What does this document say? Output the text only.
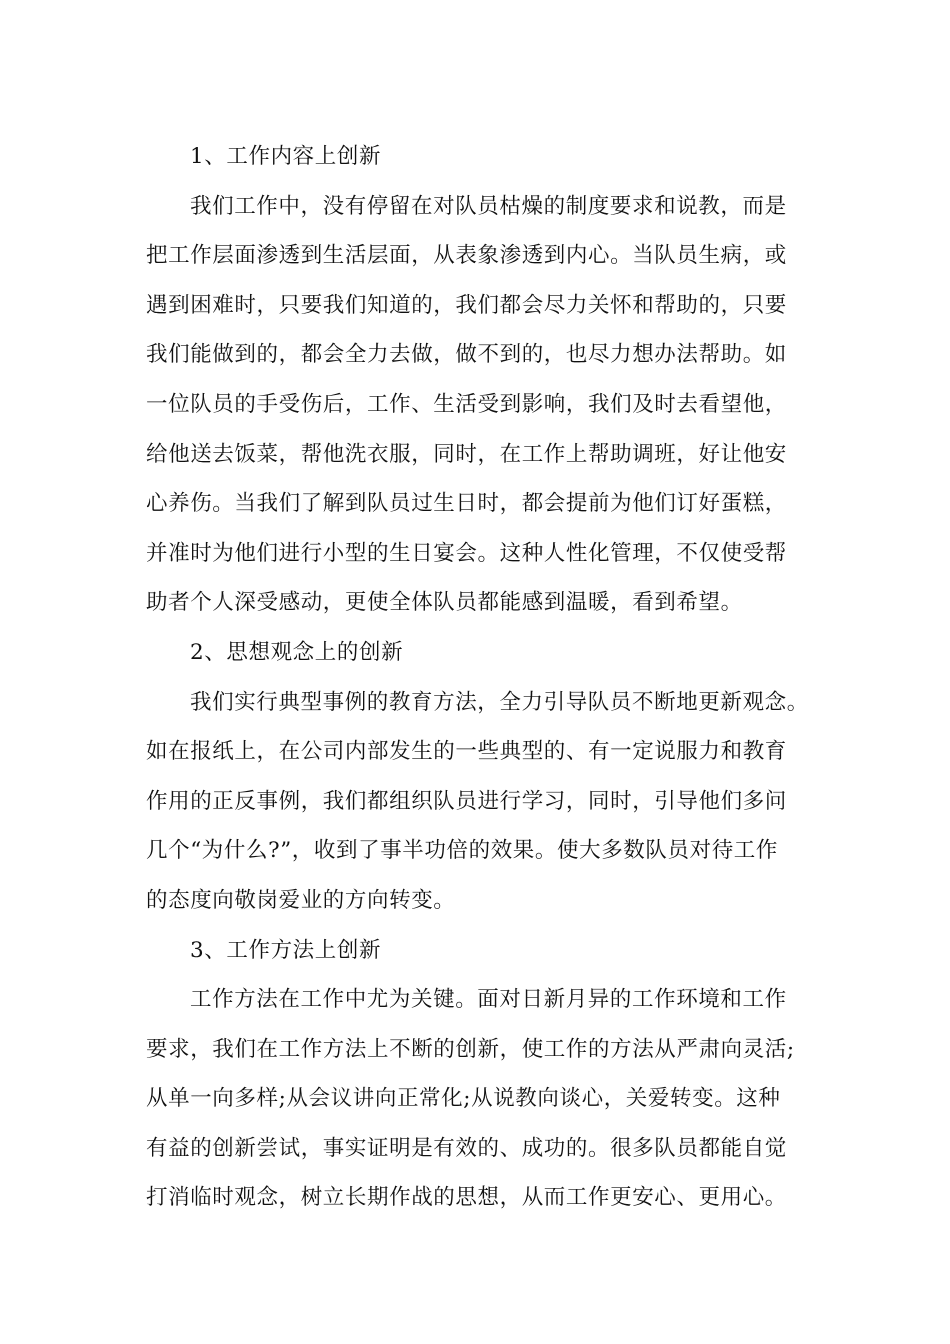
1、工作内容上创新
我们工作中，没有停留在对队员枯燥的制度要求和说教，而是
把工作层面渗透到生活层面，从表象渗透到内心。当队员生病，或
遇到困难时，只要我们知道的，我们都会尽力关怀和帮助的，只要
我们能做到的，都会全力去做，做不到的，也尽力想办法帮助。如
一位队员的手受伤后，工作、生活受到影响，我们及时去看望他，
给他送去饭菜，帮他洗衣服，同时，在工作上帮助调班，好让他安
心养伤。当我们了解到队员过生日时，都会提前为他们订好蛋糕，
并准时为他们进行小型的生日宴会。这种人性化管理，不仅使受帮
助者个人深受感动，更使全体队员都能感到温暖，看到希望。
2、思想观念上的创新
我们实行典型事例的教育方法，全力引导队员不断地更新观念。
如在报纸上，在公司内部发生的一些典型的、有一定说服力和教育
作用的正反事例，我们都组织队员进行学习，同时，引导他们多问
几个“为什么?”，收到了事半功倍的效果。使大多数队员对待工作
的态度向敬岗爱业的方向转变。
3、工作方法上创新
工作方法在工作中尤为关键。面对日新月异的工作环境和工作
要求，我们在工作方法上不断的创新，使工作的方法从严肃向灵活;
从单一向多样;从会议讲向正常化;从说教向谈心，关爱转变。这种
有益的创新尝试，事实证明是有效的、成功的。很多队员都能自觉
打消临时观念，树立长期作战的思想，从而工作更安心、更用心。
